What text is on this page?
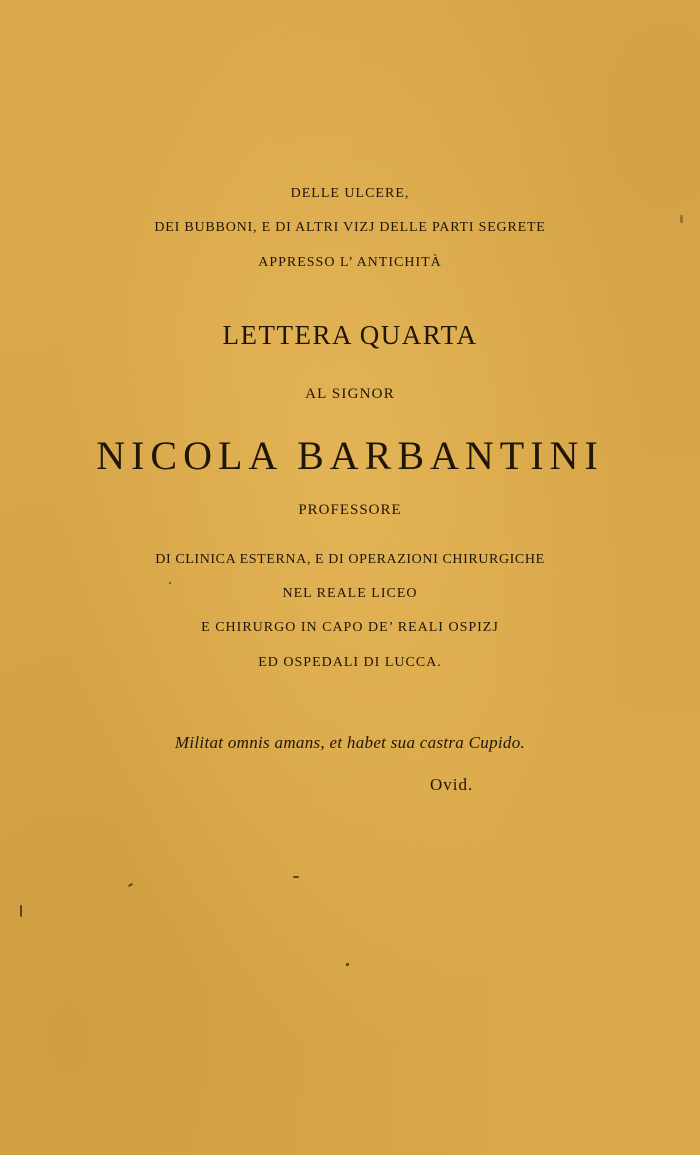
DELLE ULCERE,
DEI BUBBONI, E DI ALTRI VIZJ DELLE PARTI SEGRETE
APPRESSO L’ ANTICHITÀ
LETTERA QUARTA
AL SIGNOR
NICOLA BARBANTINI
PROFESSORE
DI CLINICA ESTERNA, E DI OPERAZIONI CHIRURGICHE
NEL REALE LICEO
E CHIRURGO IN CAPO DE’ REALI OSPIZJ
ED OSPEDALI DI LUCCA.
Militat omnis amans, et habet sua castra Cupido.
Ovid.
